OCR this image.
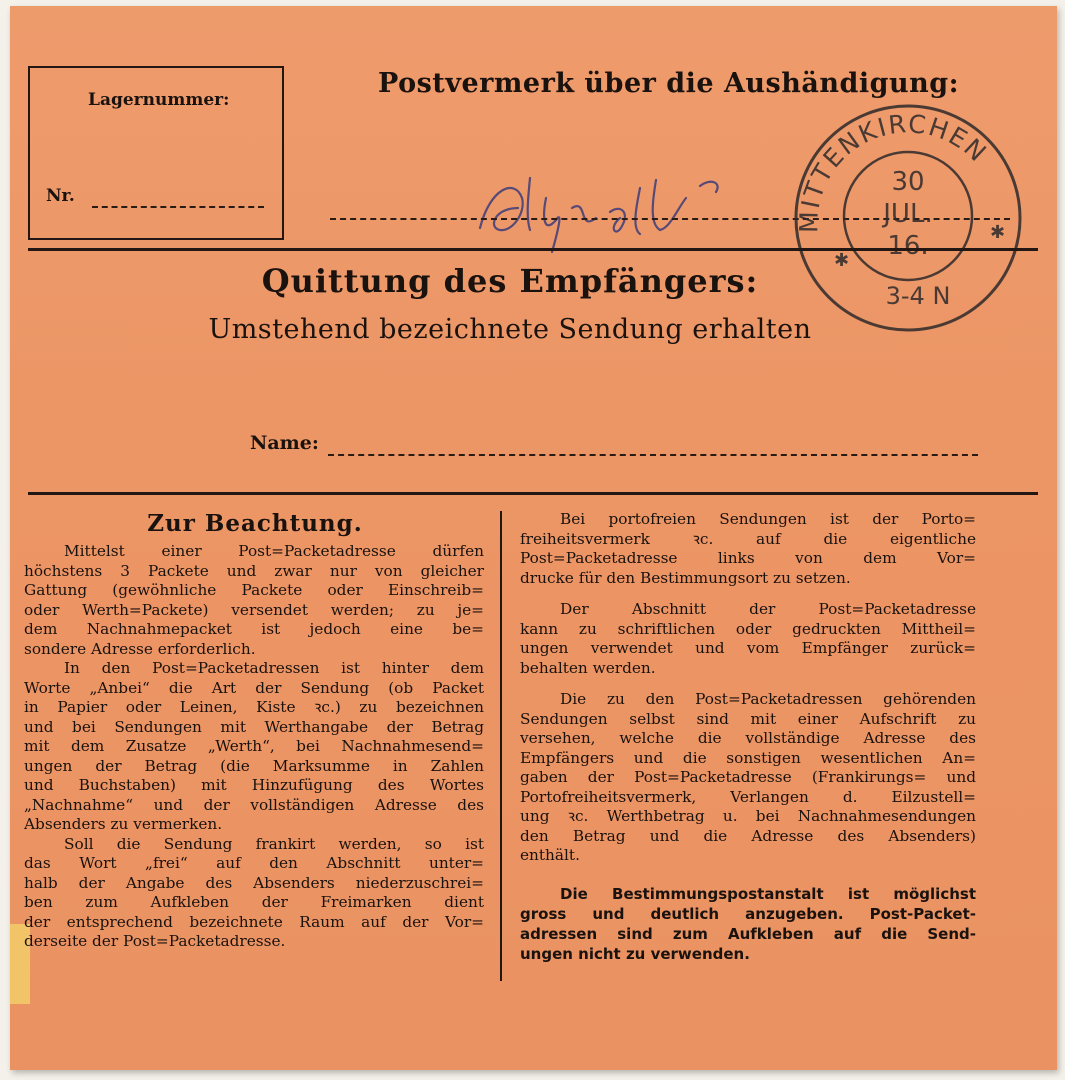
Lagernummer:
Nr.
Postvermerk über die Aushändigung:
MITTENKIRCHEN
30
JUL.
16.
3-4 N
✱
✱
Quittung des Empfängers:
Umstehend bezeichnete Sendung erhalten
Name:
Zur Beachtung.
Mittelst einer Post=Packetadresse dürfen
höchstens 3 Packete und zwar nur von gleicher
Gattung (gewöhnliche Packete oder Einschreib=
oder Werth=Packete) versendet werden; zu je=
dem Nachnahmepacket ist jedoch eine be=
sondere Adresse erforderlich.
In den Post=Packetadressen ist hinter dem
Worte „Anbei“ die Art der Sendung (ob Packet
in Papier oder Leinen, Kiste ꝛc.) zu bezeichnen
und bei Sendungen mit Werthangabe der Betrag
mit dem Zusatze „Werth“, bei Nachnahmesend=
ungen der Betrag (die Marksumme in Zahlen
und Buchstaben) mit Hinzufügung des Wortes
„Nachnahme“ und der vollständigen Adresse des
Absenders zu vermerken.
Soll die Sendung frankirt werden, so ist
das Wort „frei“ auf den Abschnitt unter=
halb der Angabe des Absenders niederzuschrei=
ben zum Aufkleben der Freimarken dient
der entsprechend bezeichnete Raum auf der Vor=
derseite der Post=Packetadresse.
Bei portofreien Sendungen ist der Porto=
freiheitsvermerk ꝛc. auf die eigentliche
Post=Packetadresse links von dem Vor=
drucke für den Bestimmungsort zu setzen.
Der Abschnitt der Post=Packetadresse
kann zu schriftlichen oder gedruckten Mittheil=
ungen verwendet und vom Empfänger zurück=
behalten werden.
Die zu den Post=Packetadressen gehörenden
Sendungen selbst sind mit einer Aufschrift zu
versehen, welche die vollständige Adresse des
Empfängers und die sonstigen wesentlichen An=
gaben der Post=Packetadresse (Frankirungs= und
Portofreiheitsvermerk, Verlangen d. Eilzustell=
ung ꝛc. Werthbetrag u. bei Nachnahmesendungen
den Betrag und die Adresse des Absenders)
enthält.
Die Bestimmungspostanstalt ist möglichst
gross und deutlich anzugeben. Post-Packet-
adressen sind zum Aufkleben auf die Send-
ungen nicht zu verwenden.
